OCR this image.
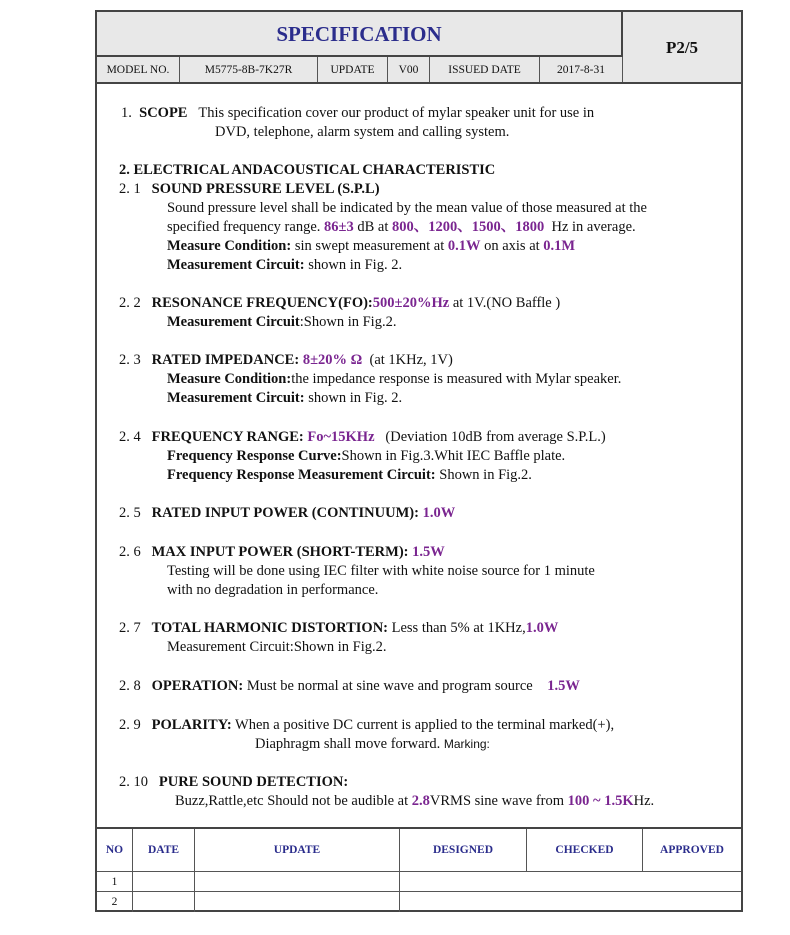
SPECIFICATION
P2/5
MODEL NO.	M5775-8B-7K27R	UPDATE	V00	ISSUED DATE	2017-8-31
1. SCOPE This specification cover our product of mylar speaker unit for use in
DVD, telephone, alarm system and calling system.
2. ELECTRICAL ANDACOUSTICAL CHARACTERISTIC
2. 1 SOUND PRESSURE LEVEL (S.P.L)
Sound pressure level shall be indicated by the mean value of those measured at the
specified frequency range. 86±3 dB at 800、1200、1500、1800 Hz in average.
Measure Condition: sin swept measurement at 0.1W on axis at 0.1M
Measurement Circuit: shown in Fig. 2.
2. 2 RESONANCE FREQUENCY(FO):500±20%Hz at 1V.(NO Baffle )
Measurement Circuit:Shown in Fig.2.
2. 3 RATED IMPEDANCE: 8±20% Ω (at 1KHz, 1V)
Measure Condition:the impedance response is measured with Mylar speaker.
Measurement Circuit: shown in Fig. 2.
2. 4 FREQUENCY RANGE: Fo~15KHz (Deviation 10dB from average S.P.L.)
Frequency Response Curve:Shown in Fig.3.Whit IEC Baffle plate.
Frequency Response Measurement Circuit: Shown in Fig.2.
2. 5 RATED INPUT POWER (CONTINUUM): 1.0W
2. 6 MAX INPUT POWER (SHORT-TERM): 1.5W
Testing will be done using IEC filter with white noise source for 1 minute
with no degradation in performance.
2. 7 TOTAL HARMONIC DISTORTION: Less than 5% at 1KHz,1.0W
Measurement Circuit:Shown in Fig.2.
2. 8 OPERATION: Must be normal at sine wave and program source 1.5W
2. 9 POLARITY: When a positive DC current is applied to the terminal marked(+),
Diaphragm shall move forward. Marking:
2. 10 PURE SOUND DETECTION:
Buzz,Rattle,etc Should not be audible at 2.8VRMS sine wave from 100 ~ 1.5KHz.
NO	DATE	UPDATE	DESIGNED	CHECKED	APPROVED
1
2
